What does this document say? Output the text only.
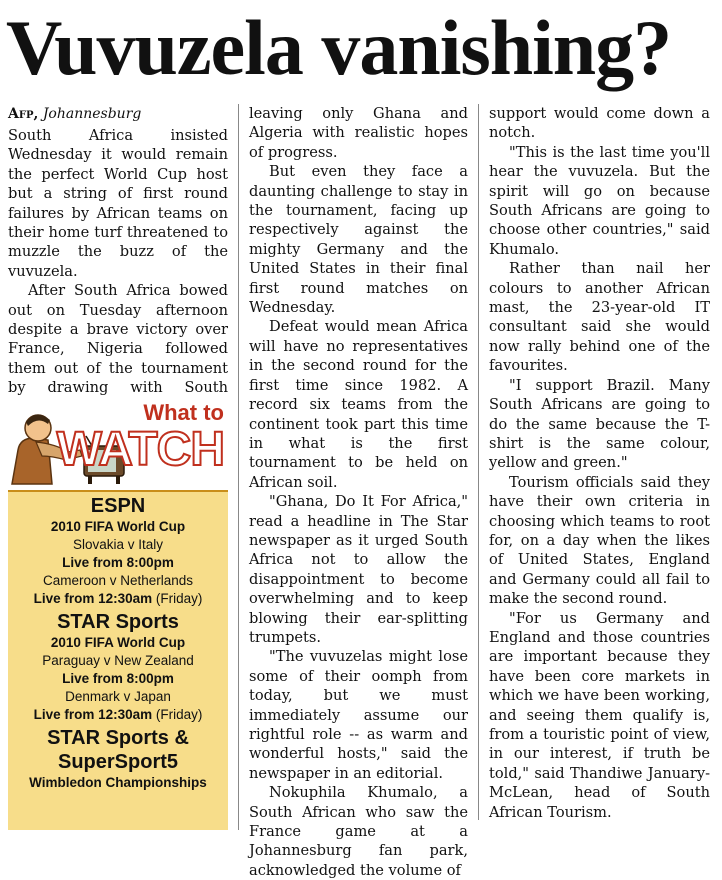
Vuvuzela vanishing?
Afp, Johannesburg

South Africa insisted Wednesday it would remain the perfect World Cup host but a string of first round failures by African teams on their home turf threatened to muzzle the buzz of the vuvuzela.

After South Africa bowed out on Tuesday afternoon despite a brave victory over France, Nigeria followed them out of the tournament by drawing with South

leaving only Ghana and Algeria with realistic hopes of progress.

But even they face a daunting challenge to stay in the tournament, facing up respectively against the mighty Germany and the United States in their final first round matches on Wednesday.

Defeat would mean Africa will have no representatives in the second round for the first time since 1982. A record six teams from the continent took part this time in what is the first tournament to be held on African soil.

"Ghana, Do It For Africa," read a headline in The Star newspaper as it urged South Africa not to allow the disappointment to become overwhelming and to keep blowing their ear-splitting trumpets.

"The vuvuzelas might lose some of their oomph from today, but we must immediately assume our rightful role -- as warm and wonderful hosts," said the newspaper in an editorial.

Nokuphila Khumalo, a South African who saw the France game at a Johannesburg fan park, acknowledged the volume of

support would come down a notch.

"This is the last time you'll hear the vuvuzela. But the spirit will go on because South Africans are going to choose other countries," said Khumalo.

Rather than nail her colours to another African mast, the 23-year-old IT consultant said she would now rally behind one of the favourites.

"I support Brazil. Many South Africans are going to do the same because the T-shirt is the same colour, yellow and green."

Tourism officials said they have their own criteria in choosing which teams to root for, on a day when the likes of United States, England and Germany could all fail to make the second round.

"For us Germany and England and those countries are important because they have been core markets in which we have been working, and seeing them qualify is, from a touristic point of view, in our interest, if truth be told," said Thandiwe January-McLean, head of South African Tourism.

What to
WATCH
ESPN
2010 FIFA World Cup
Slovakia v Italy
Live from 8:00pm
Cameroon v Netherlands
Live from 12:30am (Friday)
STAR Sports
2010 FIFA World Cup
Paraguay v New Zealand
Live from 8:00pm
Denmark v Japan
Live from 12:30am (Friday)
STAR Sports &
SuperSport5
Wimbledon Championships
